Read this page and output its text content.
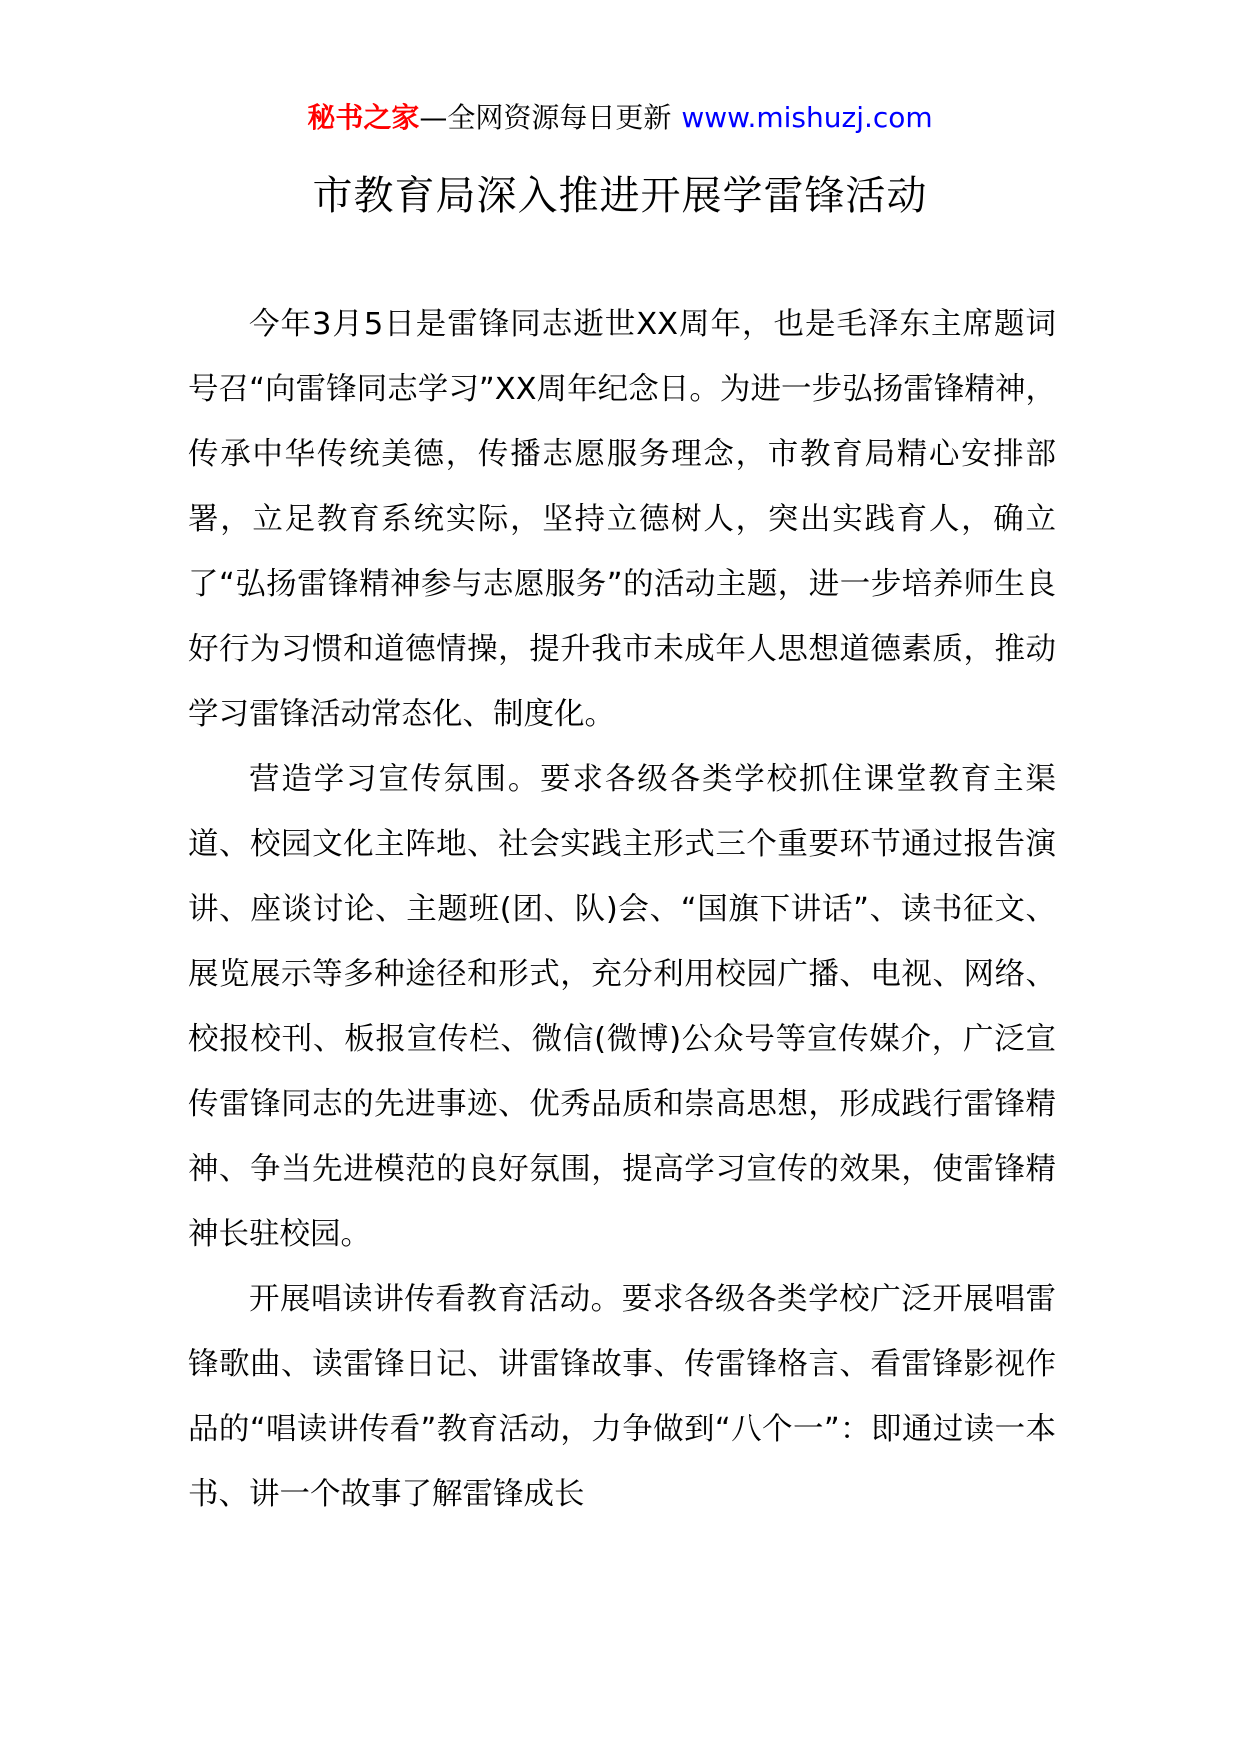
秘书之家—全网资源每日更新 www.mishuzj.com
市教育局深入推进开展学雷锋活动

今年3月5日是雷锋同志逝世XX周年，也是毛泽东主席题词号召“向雷锋同志学习”XX周年纪念日。为进一步弘扬雷锋精神，传承中华传统美德，传播志愿服务理念，市教育局精心安排部署，立足教育系统实际，坚持立德树人，突出实践育人，确立了“弘扬雷锋精神参与志愿服务”的活动主题，进一步培养师生良好行为习惯和道德情操，提升我市未成年人思想道德素质，推动学习雷锋活动常态化、制度化。

营造学习宣传氛围。要求各级各类学校抓住课堂教育主渠道、校园文化主阵地、社会实践主形式三个重要环节通过报告演讲、座谈讨论、主题班(团、队)会、“国旗下讲话”、读书征文、展览展示等多种途径和形式，充分利用校园广播、电视、网络、校报校刊、板报宣传栏、微信(微博)公众号等宣传媒介，广泛宣传雷锋同志的先进事迹、优秀品质和崇高思想，形成践行雷锋精神、争当先进模范的良好氛围，提高学习宣传的效果，使雷锋精神长驻校园。

开展唱读讲传看教育活动。要求各级各类学校广泛开展唱雷锋歌曲、读雷锋日记、讲雷锋故事、传雷锋格言、看雷锋影视作品的“唱读讲传看”教育活动，力争做到“八个一”：即通过读一本书、讲一个故事了解雷锋成长
